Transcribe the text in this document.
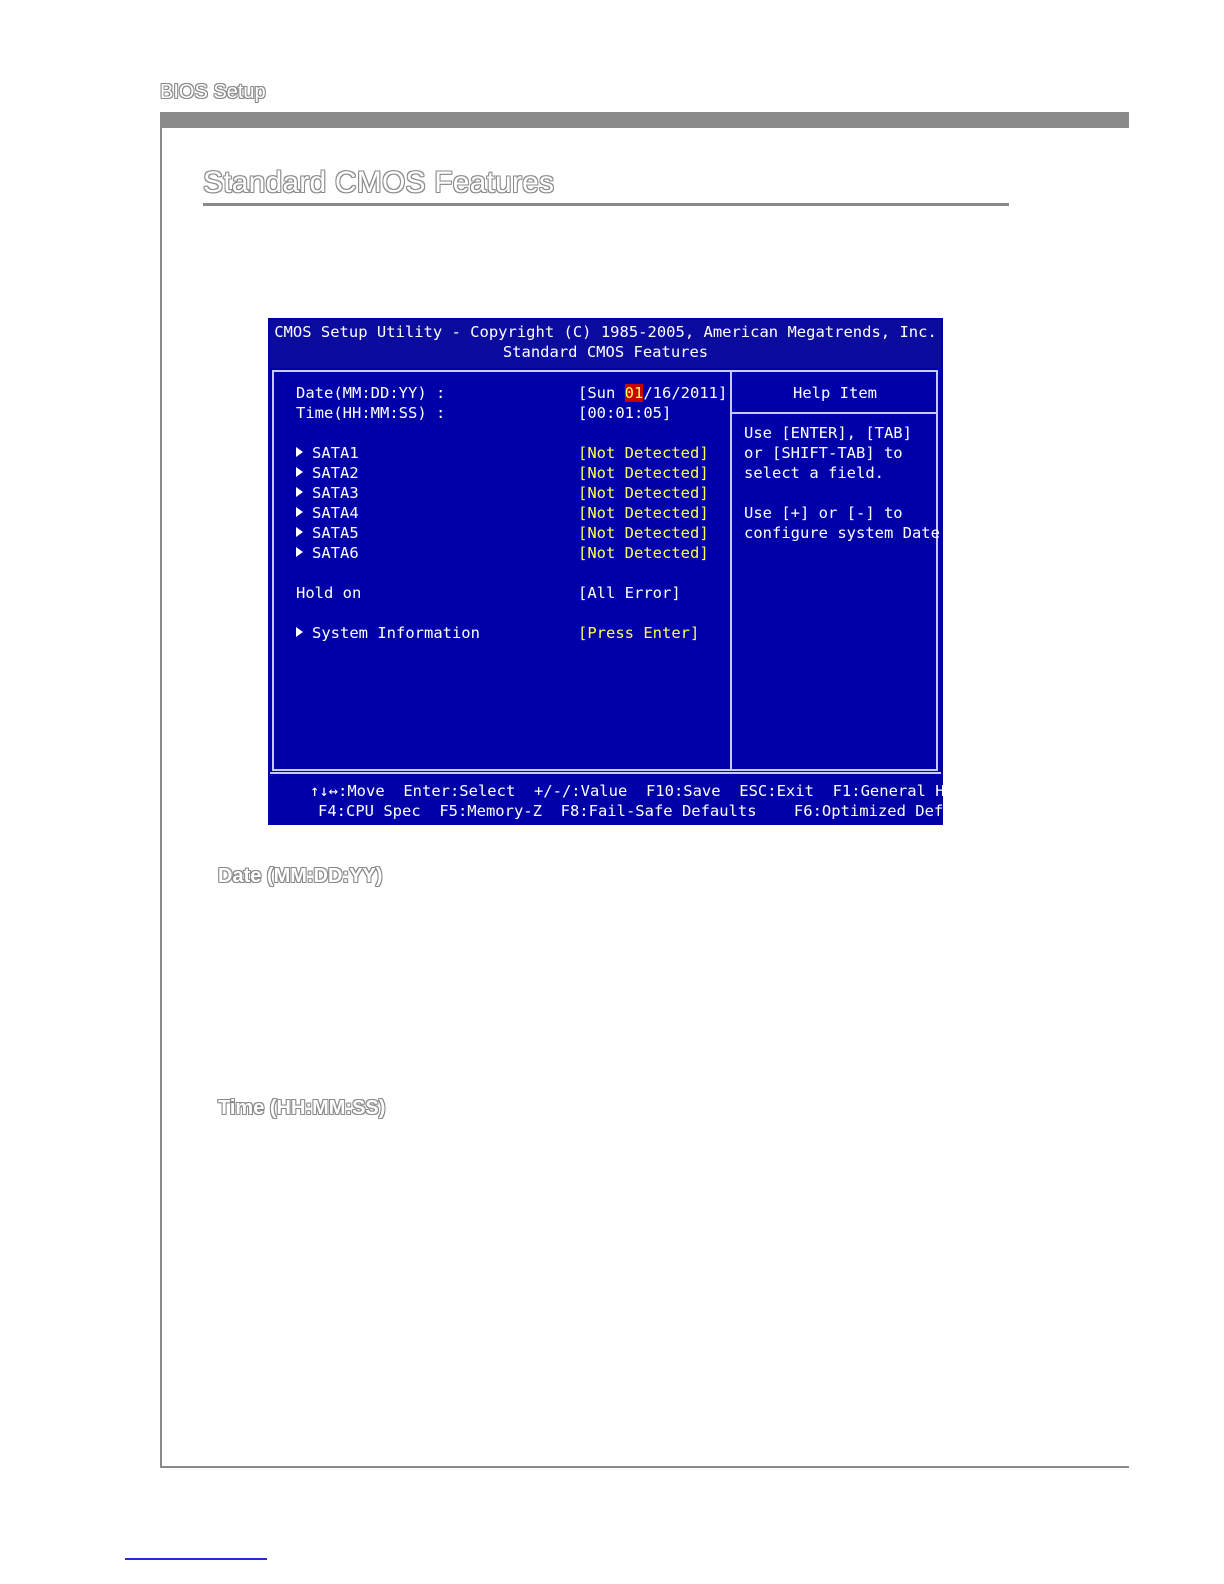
BIOS Setup
Standard CMOS Features
CMOS Setup Utility - Copyright (C) 1985-2005, American Megatrends, Inc.
Standard CMOS Features
Date(MM:DD:YY) :	[Sun 01/16/2011]
Time(HH:MM:SS) :	[00:01:05]
SATA1	[Not Detected]
SATA2	[Not Detected]
SATA3	[Not Detected]
SATA4	[Not Detected]
SATA5	[Not Detected]
SATA6	[Not Detected]
Hold on	[All Error]
System Information	[Press Enter]
Help Item
Use [ENTER], [TAB]
or [SHIFT-TAB] to
select a field.
Use [+] or [-] to
configure system Date.
↑↓↔:Move  Enter:Select  +/-/:Value  F10:Save  ESC:Exit  F1:General Help
F4:CPU Spec  F5:Memory-Z  F8:Fail-Safe Defaults    F6:Optimized Defaults
Date (MM:DD:YY)
Time (HH:MM:SS)
